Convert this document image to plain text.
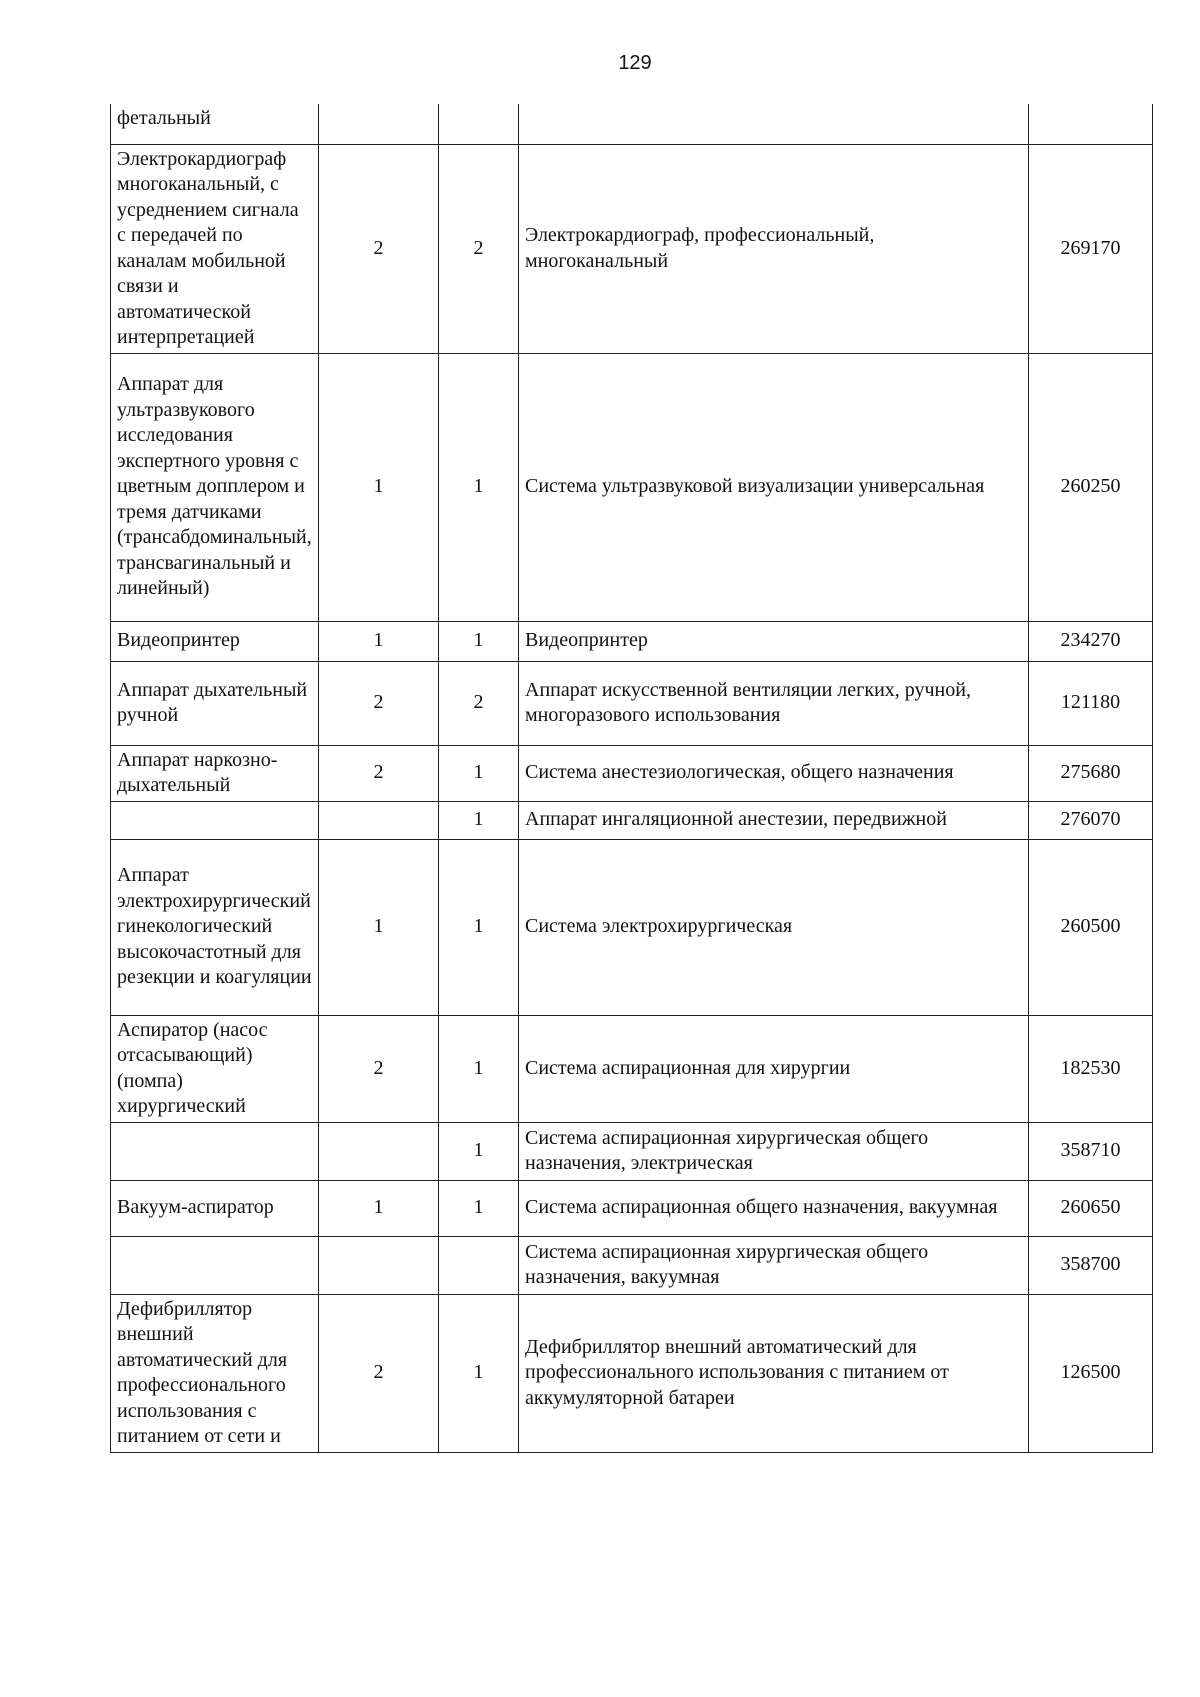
129
фетальный				
Электрокардиограф многоканальный, с усреднением сигнала с передачей по каналам мобильной связи и автоматической интерпретацией	2	2	Электрокардиограф, профессиональный, многоканальный	269170
Аппарат для ультразвукового исследования экспертного уровня с цветным допплером и тремя датчиками (трансабдоминальный, трансвагинальный и линейный)	1	1	Система ультразвуковой визуализации универсальная	260250
Видеопринтер	1	1	Видеопринтер	234270
Аппарат дыхательный ручной	2	2	Аппарат искусственной вентиляции легких, ручной, многоразового использования	121180
Аппарат наркозно-дыхательный	2	1	Система анестезиологическая, общего назначения	275680
		1	Аппарат ингаляционной анестезии, передвижной	276070
Аппарат электрохирургический гинекологический высокочастотный для резекции и коагуляции	1	1	Система электрохирургическая	260500
Аспиратор (насос отсасывающий) (помпа) хирургический	2	1	Система аспирационная для хирургии	182530
		1	Система аспирационная хирургическая общего назначения, электрическая	358710
Вакуум-аспиратор	1	1	Система аспирационная общего назначения, вакуумная	260650
			Система аспирационная хирургическая общего назначения, вакуумная	358700
Дефибриллятор внешний автоматический для профессионального использования с питанием от сети и	2	1	Дефибриллятор внешний автоматический для профессионального использования с питанием от аккумуляторной батареи	126500
